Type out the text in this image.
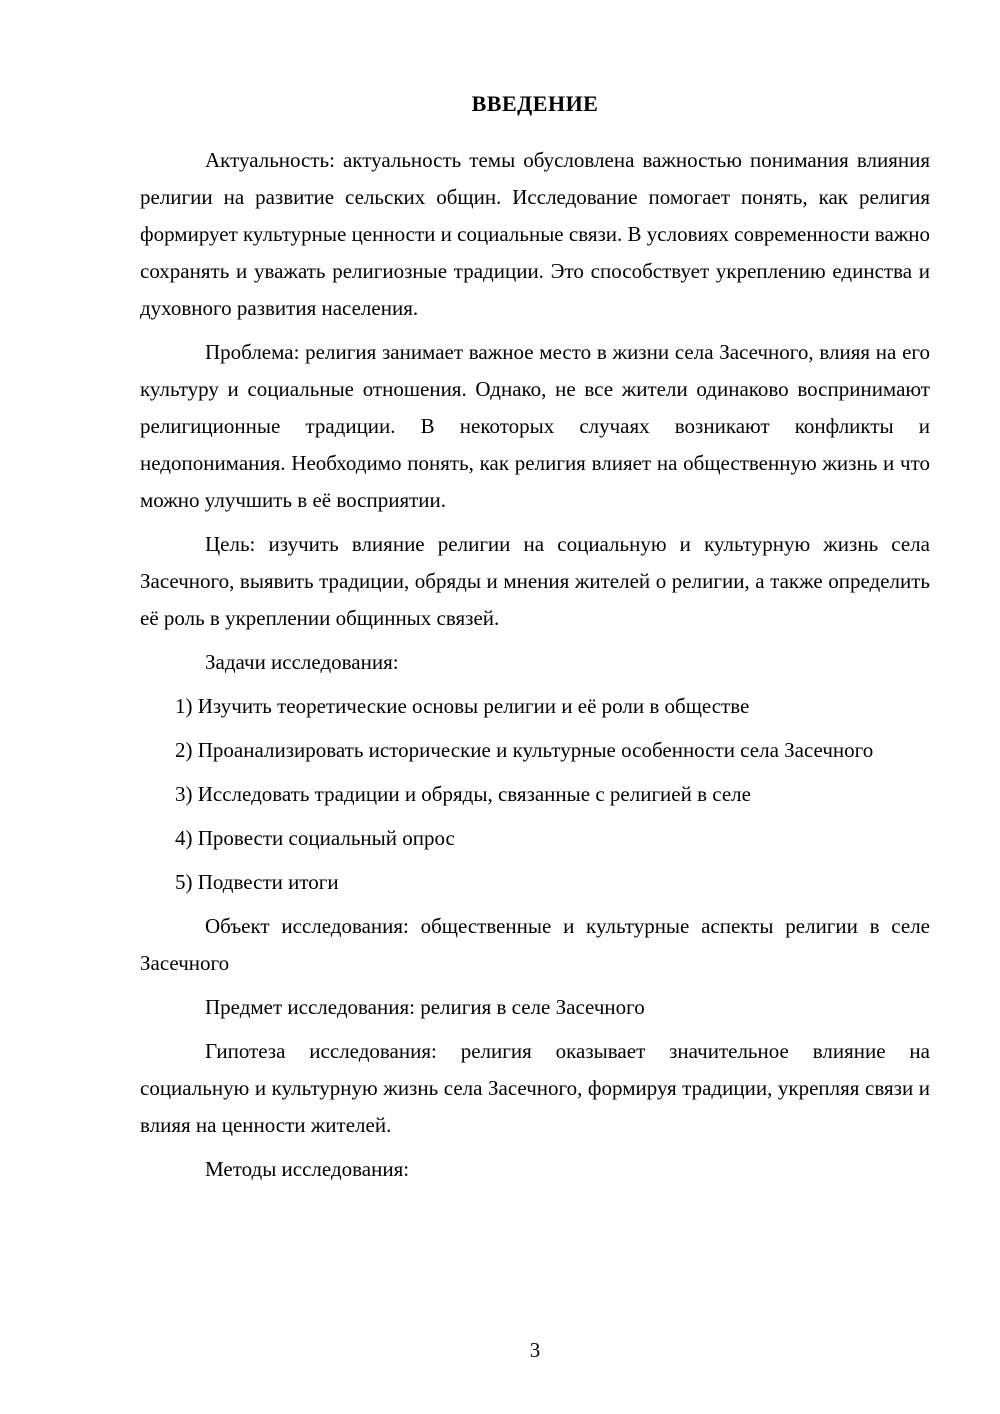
ВВЕДЕНИЕ

Актуальность: актуальность темы обусловлена важностью понимания влияния религии на развитие сельских общин. Исследование помогает понять, как религия формирует культурные ценности и социальные связи. В условиях современности важно сохранять и уважать религиозные традиции. Это способствует укреплению единства и духовного развития населения.

Проблема: религия занимает важное место в жизни села Засечного, влияя на его культуру и социальные отношения. Однако, не все жители одинаково воспринимают религиционные традиции. В некоторых случаях возникают конфликты и недопонимания. Необходимо понять, как религия влияет на общественную жизнь и что можно улучшить в её восприятии.

Цель: изучить влияние религии на социальную и культурную жизнь села Засечного, выявить традиции, обряды и мнения жителей о религии, а также определить её роль в укреплении общинных связей.

Задачи исследования:

1) Изучить теоретические основы религии и её роли в обществе

2) Проанализировать исторические и культурные особенности села Засечного

3) Исследовать традиции и обряды, связанные с религией в селе

4) Провести социальный опрос

5) Подвести итоги

Объект исследования: общественные и культурные аспекты религии в селе Засечного

Предмет исследования: религия в селе Засечного

Гипотеза исследования: религия оказывает значительное влияние на социальную и культурную жизнь села Засечного, формируя традиции, укрепляя связи и влияя на ценности жителей.

Методы исследования:

3
